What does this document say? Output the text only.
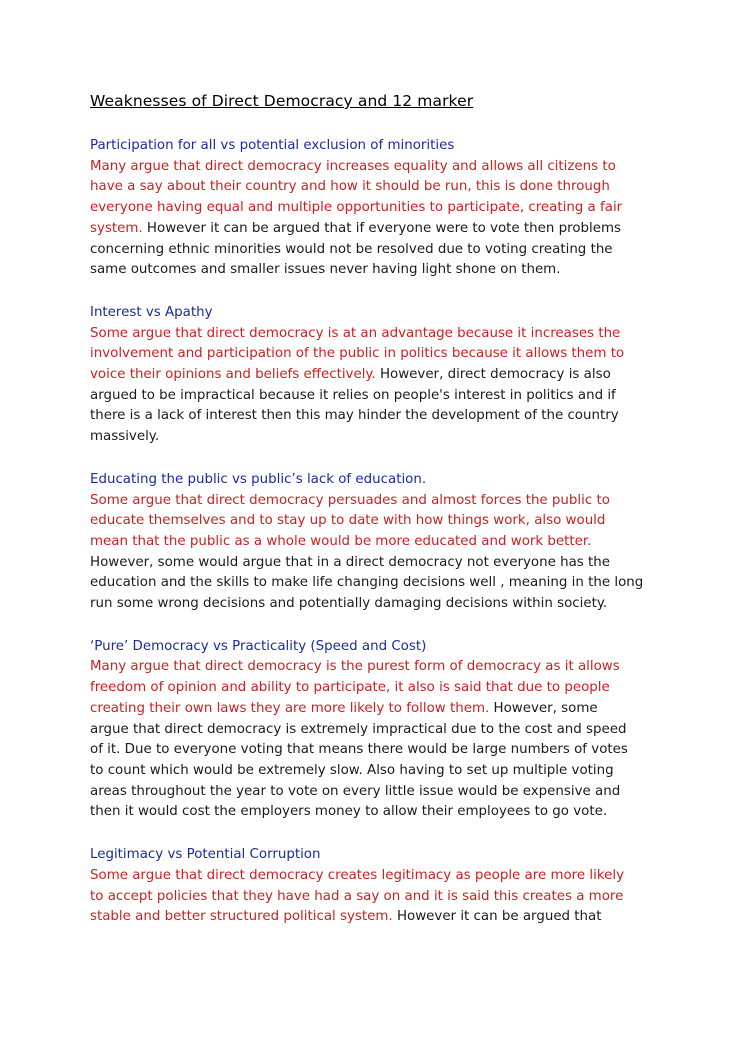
Weaknesses of Direct Democracy and 12 marker

Participation for all vs potential exclusion of minorities

Many argue that direct democracy increases equality and allows all citizens to

have a say about their country and how it should be run, this is done through

everyone having equal and multiple opportunities to participate, creating a fair

system. However it can be argued that if everyone were to vote then problems

concerning ethnic minorities would not be resolved due to voting creating the

same outcomes and smaller issues never having light shone on them.

Interest vs Apathy

Some argue that direct democracy is at an advantage because it increases the

involvement and participation of the public in politics because it allows them to

voice their opinions and beliefs effectively. However, direct democracy is also

argued to be impractical because it relies on people's interest in politics and if

there is a lack of interest then this may hinder the development of the country

massively.

Educating the public vs public’s lack of education.

Some argue that direct democracy persuades and almost forces the public to

educate themselves and to stay up to date with how things work, also would

mean that the public as a whole would be more educated and work better.

However, some would argue that in a direct democracy not everyone has the

education and the skills to make life changing decisions well , meaning in the long

run some wrong decisions and potentially damaging decisions within society.

‘Pure’ Democracy vs Practicality (Speed and Cost)

Many argue that direct democracy is the purest form of democracy as it allows

freedom of opinion and ability to participate, it also is said that due to people

creating their own laws they are more likely to follow them. However, some

argue that direct democracy is extremely impractical due to the cost and speed

of it. Due to everyone voting that means there would be large numbers of votes

to count which would be extremely slow. Also having to set up multiple voting

areas throughout the year to vote on every little issue would be expensive and

then it would cost the employers money to allow their employees to go vote.

Legitimacy vs Potential Corruption

Some argue that direct democracy creates legitimacy as people are more likely

to accept policies that they have had a say on and it is said this creates a more

stable and better structured political system. However it can be argued that
